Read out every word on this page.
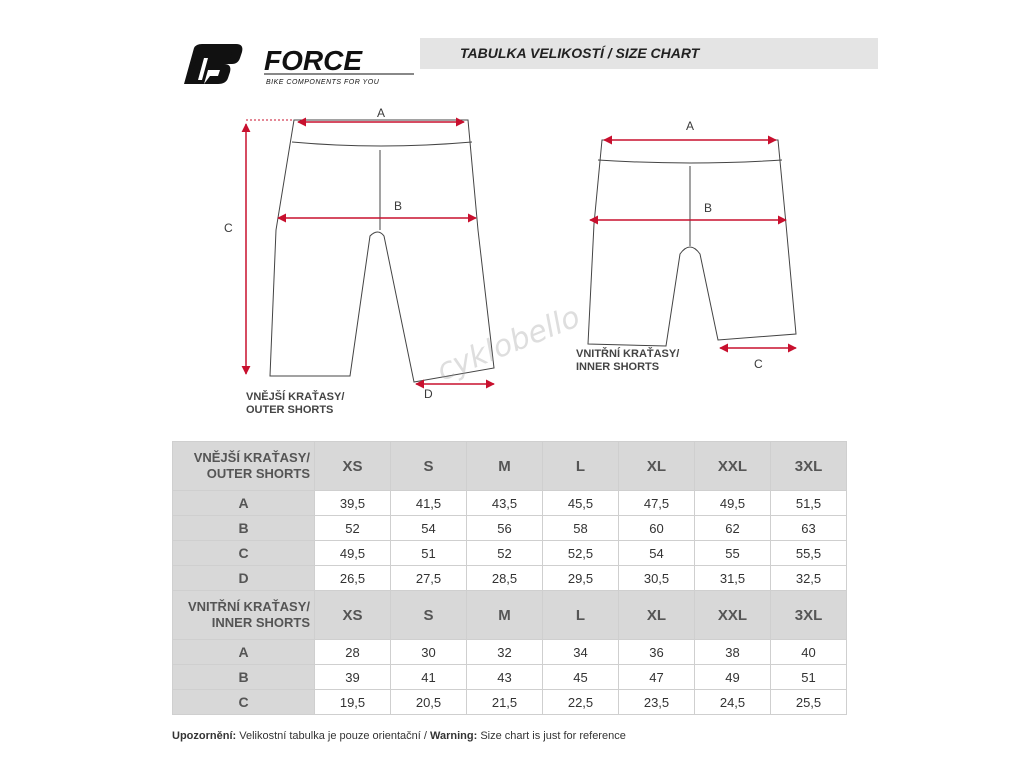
FORCE
BIKE COMPONENTS FOR YOU
TABULKA VELIKOSTÍ / SIZE CHART
A
B
C
D
A
B
C
VNĚJŠÍ KRAŤASY/
OUTER SHORTS
VNITŘNÍ KRAŤASY/
INNER SHORTS
cyklobello
VNĚJŠÍ KRAŤASY/
OUTER SHORTS	XS	S	M	L	XL	XXL	3XL
A	39,5	41,5	43,5	45,5	47,5	49,5	51,5
B	52	54	56	58	60	62	63
C	49,5	51	52	52,5	54	55	55,5
D	26,5	27,5	28,5	29,5	30,5	31,5	32,5

VNITŘNÍ KRAŤASY/
INNER SHORTS	XS	S	M	L	XL	XXL	3XL
A	28	30	32	34	36	38	40
B	39	41	43	45	47	49	51
C	19,5	20,5	21,5	22,5	23,5	24,5	25,5
Upozornění: Velikostní tabulka je pouze orientační / Warning: Size chart is just for reference
